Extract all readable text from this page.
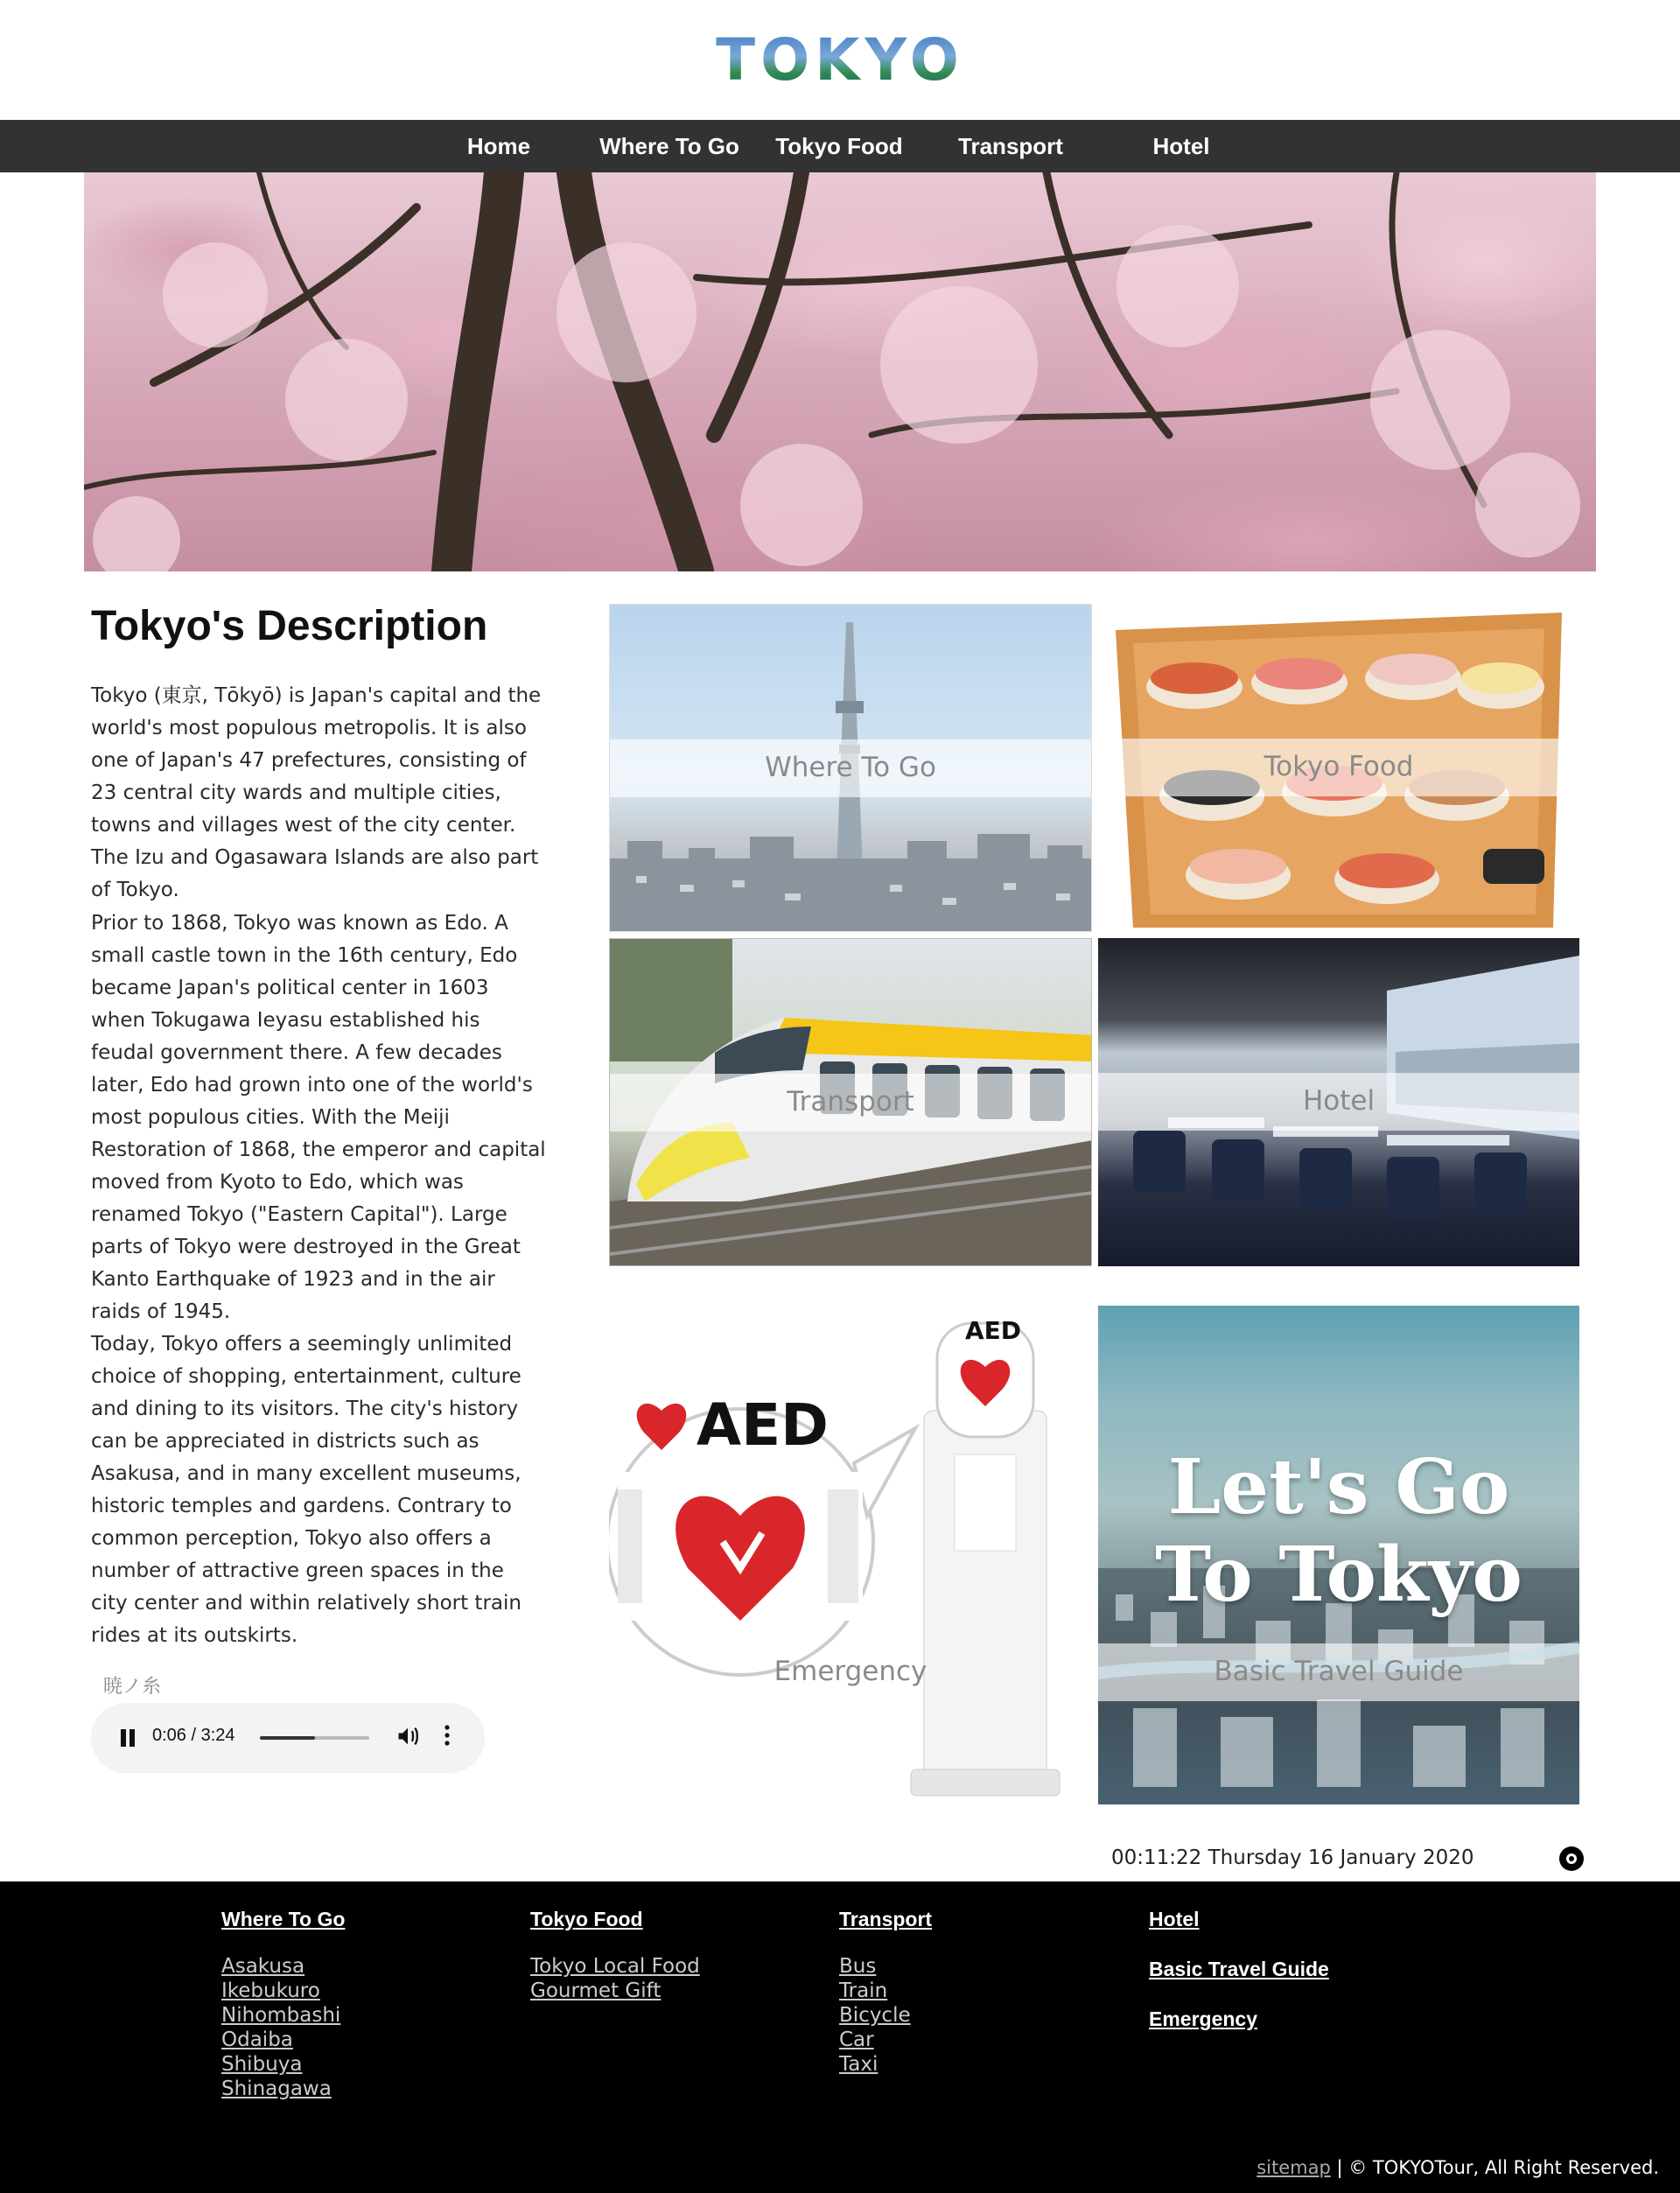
TOKYO
Home	Where To Go	Tokyo Food	Transport	Hotel
Tokyo's Description

Tokyo (東京, Tōkyō) is Japan's capital and the world's most populous metropolis. It is also one of Japan's 47 prefectures, consisting of 23 central city wards and multiple cities, towns and villages west of the city center. The Izu and Ogasawara Islands are also part of Tokyo.

Prior to 1868, Tokyo was known as Edo. A small castle town in the 16th century, Edo became Japan's political center in 1603 when Tokugawa Ieyasu established his feudal government there. A few decades later, Edo had grown into one of the world's most populous cities. With the Meiji Restoration of 1868, the emperor and capital moved from Kyoto to Edo, which was renamed Tokyo ("Eastern Capital"). Large parts of Tokyo were destroyed in the Great Kanto Earthquake of 1923 and in the air raids of 1945.

Today, Tokyo offers a seemingly unlimited choice of shopping, entertainment, culture and dining to its visitors. The city's history can be appreciated in districts such as Asakusa, and in many excellent museums, historic temples and gardens. Contrary to common perception, Tokyo also offers a number of attractive green spaces in the city center and within relatively short train rides at its outskirts.

暁ノ糸
0:06 / 3:24
Where To Go	Tokyo Food
Transport	Hotel
AED
AED
Emergency
Let's Go
To Tokyo
Basic Travel Guide
00:11:22 Thursday 16 January 2020
Where To Go
Asakusa
Ikebukuro
Nihombashi
Odaiba
Shibuya
Shinagawa
Tokyo Food
Tokyo Local Food
Gourmet Gift
Transport
Bus
Train
Bicycle
Car
Taxi
Hotel
Basic Travel Guide
Emergency
sitemap | © TOKYOTour, All Right Reserved.
